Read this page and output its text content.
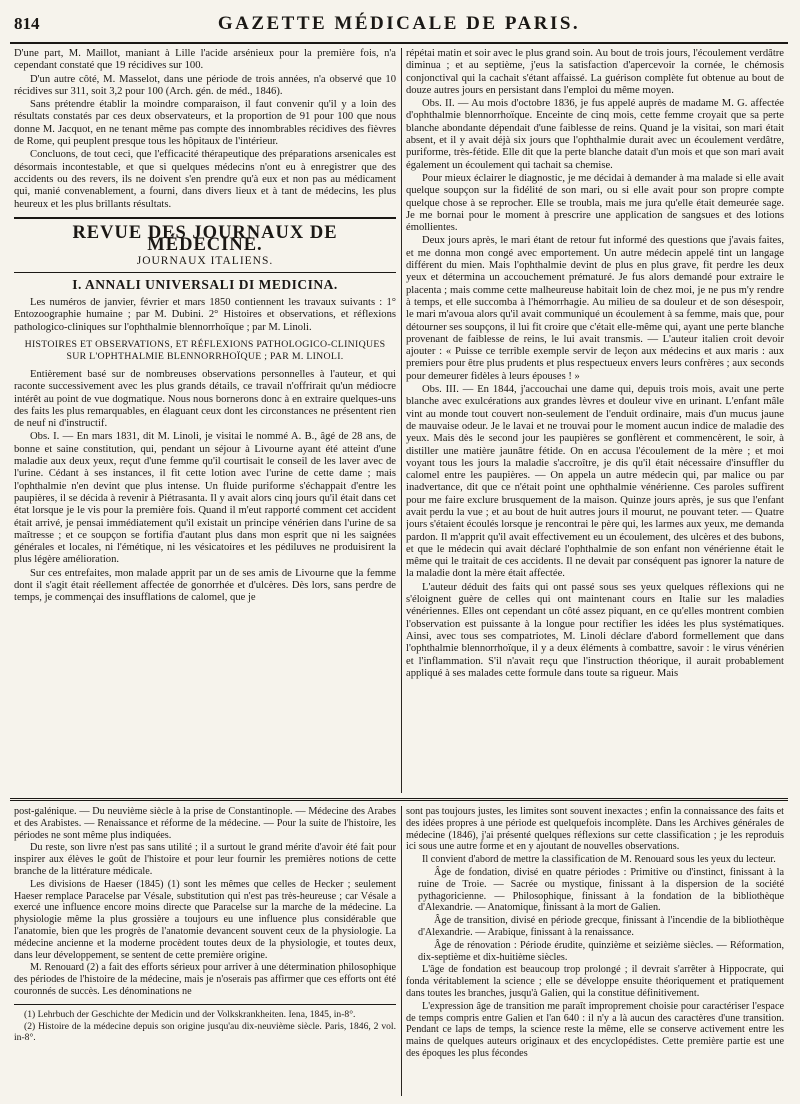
814	GAZETTE MÉDICALE DE PARIS.

D'une part, M. Maillot, maniant à Lille l'acide arsénieux pour la première fois, n'a cependant constaté que 19 récidives sur 100.

D'un autre côté, M. Masselot, dans une période de trois années, n'a observé que 10 récidives sur 311, soit 3,2 pour 100 (Arch. gén. de méd., 1846).

Sans prétendre établir la moindre comparaison, il faut convenir qu'il y a loin des résultats constatés par ces deux observateurs, et la proportion de 91 pour 100 que nous donne M. Jacquot, en ne tenant même pas compte des innombrables récidives des fièvres de Rome, qui peuplent presque tous les hôpitaux de l'intérieur.

Concluons, de tout ceci, que l'efficacité thérapeutique des préparations arsenicales est désormais incontestable, et que si quelques médecins n'ont eu à enregistrer que des accidents ou des revers, ils ne doivent s'en prendre qu'à eux et non pas au médicament qui, manié convenablement, a fourni, dans divers lieux et à tant de médecins, les plus heureux et les plus brillants résultats.

REVUE DES JOURNAUX DE MÉDECINE.
JOURNAUX ITALIENS.
I. ANNALI UNIVERSALI DI MEDICINA.

Les numéros de janvier, février et mars 1850 contiennent les travaux suivants : 1° Entozoographie humaine ; par M. Dubini. 2° Histoires et observations, et réflexions pathologico-cliniques sur l'ophthalmie blennorrhoïque ; par M. Linoli.

HISTOIRES ET OBSERVATIONS, ET RÉFLEXIONS PATHOLOGICO-CLINIQUES SUR L'OPHTHALMIE BLENNORRHOÏQUE ; PAR M. LINOLI.

Entièrement basé sur de nombreuses observations personnelles à l'auteur, et qui raconte successivement avec les plus grands détails, ce travail n'offrirait qu'un médiocre intérêt au point de vue dogmatique. Nous nous bornerons donc à en extraire quelques-uns des faits les plus remarquables, en élaguant ceux dont les circonstances ne présentent rien de neuf ni d'instructif.

Obs. I. — En mars 1831, dit M. Linoli, je visitai le nommé A. B., âgé de 28 ans, de bonne et saine constitution, qui, pendant un séjour à Livourne ayant été atteint d'une maladie aux deux yeux, reçut d'une femme qu'il courtisait le conseil de les laver avec de l'urine. Cédant à ses instances, il fit cette lotion avec l'urine de cette dame ; mais l'ophthalmie n'en devint que plus intense. Un fluide puriforme s'échappait d'entre les paupières, il se décida à revenir à Piétrasanta. Il y avait alors cinq jours qu'il était dans cet état lorsque je le vis pour la première fois. Quand il m'eut rapporté comment cet accident était arrivé, je pensai immédiatement qu'il existait un principe vénérien dans l'urine de sa maîtresse ; et ce soupçon se fortifia d'autant plus dans mon esprit que ni les saignées générales et locales, ni l'émétique, ni les vésicatoires et les pédiluves ne produisirent la plus légère amélioration.

Sur ces entrefaites, mon malade apprit par un de ses amis de Livourne que la femme dont il s'agit était réellement affectée de gonorrhée et d'ulcères. Dès lors, sans perdre de temps, je commençai des insufflations de calomel, que je

répétai matin et soir avec le plus grand soin. Au bout de trois jours, l'écoulement verdâtre diminua ; et au septième, j'eus la satisfaction d'apercevoir la cornée, le chémosis conjonctival qui la cachait s'étant affaissé. La guérison complète fut obtenue au bout de douze autres jours en persistant dans l'emploi du même moyen.

Obs. II. — Au mois d'octobre 1836, je fus appelé auprès de madame M. G. affectée d'ophthalmie blennorrhoïque. Enceinte de cinq mois, cette femme croyait que sa perte blanche abondante dépendait d'une faiblesse de reins. Quand je la visitai, son mari était absent, et il y avait déjà six jours que l'ophthalmie durait avec un écoulement verdâtre, puriforme, très-fétide. Elle dit que la perte blanche datait d'un mois et que son mari avait également un écoulement qui tachait sa chemise.

Pour mieux éclairer le diagnostic, je me décidai à demander à ma malade si elle avait quelque soupçon sur la fidélité de son mari, ou si elle avait pour son propre compte quelque chose à se reprocher. Elle se troubla, mais me jura qu'elle était demeurée sage. Je me bornai pour le moment à prescrire une application de sangsues et des lotions émollientes.

Deux jours après, le mari étant de retour fut informé des questions que j'avais faites, et me donna mon congé avec emportement. Un autre médecin appelé tint un langage différent du mien. Mais l'ophthalmie devint de plus en plus grave, fit perdre les deux yeux et détermina un accouchement prématuré. Je fus alors demandé pour extraire le placenta ; mais comme cette malheureuse habitait loin de chez moi, je ne pus m'y rendre à temps, et elle succomba à l'hémorrhagie. Au milieu de sa douleur et de son désespoir, le mari m'avoua alors qu'il avait communiqué un écoulement à sa femme, mais que, pour détourner ses soupçons, il lui fit croire que c'était elle-même qui, ayant une perte blanche provenant de faiblesse de reins, le lui avait transmis. — L'auteur italien croit devoir ajouter : « Puisse ce terrible exemple servir de leçon aux médecins et aux maris : aux premiers pour être plus prudents et plus respectueux envers leurs confrères ; aux seconds pour demeurer fidèles à leurs épouses ! »

Obs. III. — En 1844, j'accouchai une dame qui, depuis trois mois, avait une perte blanche avec exulcérations aux grandes lèvres et douleur vive en urinant. L'enfant mâle vint au monde tout couvert non-seulement de l'enduit ordinaire, mais d'un mucus jaune de mauvaise odeur. Je le lavai et ne trouvai pour le moment aucun indice de maladie des yeux. Mais dès le second jour les paupières se gonflèrent et commencèrent, le soir, à distiller une matière jaunâtre fétide. On en accusa l'écoulement de la mère ; et moi voyant tous les jours la maladie s'accroître, je dis qu'il était nécessaire d'insuffler du calomel entre les paupières. — On appela un autre médecin qui, par malice ou par inadvertance, dit que ce n'était point une ophthalmie vénérienne. Ces paroles suffirent pour me faire exclure brusquement de la maison. Quinze jours après, je sus que l'enfant avait perdu la vue ; et au bout de huit autres jours il mourut, ne pouvant teter. — Quatre jours s'étaient écoulés lorsque je rencontrai le père qui, les larmes aux yeux, me demanda pardon. Il m'apprit qu'il avait effectivement eu un écoulement, des ulcères et des bubons, et que le médecin qui avait déclaré l'ophthalmie de son enfant non vénérienne était le même qui le traitait de ces accidents. Il ne devait par conséquent pas ignorer la nature de la maladie dont la mère était affectée.

L'auteur déduit des faits qui ont passé sous ses yeux quelques réflexions qui ne s'éloignent guère de celles qui ont maintenant cours en Italie sur les maladies vénériennes. Elles ont cependant un côté assez piquant, en ce qu'elles montrent combien l'observation est puissante à la longue pour rectifier les idées les plus systématiques. Ainsi, avec tous ses compatriotes, M. Linoli déclare d'abord formellement que dans l'ophthalmie blennorrhoïque, il y a deux éléments à combattre, savoir : le virus vénérien et l'inflammation. S'il n'avait reçu que l'instruction théorique, il aurait probablement appliqué à ses malades cette formule dans toute sa rigueur. Mais

post-galénique. — Du neuvième siècle à la prise de Constantinople. — Médecine des Arabes et des Arabistes. — Renaissance et réforme de la médecine. — Pour la suite de l'histoire, les périodes ne sont même plus indiquées.

Du reste, son livre n'est pas sans utilité ; il a surtout le grand mérite d'avoir été fait pour inspirer aux élèves le goût de l'histoire et pour leur fournir les premières notions de cette branche de la littérature médicale.

Les divisions de Haeser (1845) (1) sont les mêmes que celles de Hecker ; seulement Haeser remplace Paracelse par Vésale, substitution qui n'est pas très-heureuse ; car Vésale a exercé une influence encore moins directe que Paracelse sur la marche de la médecine. La physiologie même la plus grossière a toujours eu une influence plus considérable que l'anatomie, bien que les progrès de l'anatomie devancent souvent ceux de la physiologie. La médecine ancienne et la moderne procèdent toutes deux de la physiologie, et toutes deux, dans leur développement, se sentent de cette première origine.

M. Renouard (2) a fait des efforts sérieux pour arriver à une détermination philosophique des périodes de l'histoire de la médecine, mais je n'oserais pas affirmer que ces efforts ont été couronnés de succès. Les dénominations ne

(1) Lehrbuch der Geschichte der Medicin und der Volkskrankheiten. Iena, 1845, in-8°.

(2) Histoire de la médecine depuis son origine jusqu'au dix-neuvième siècle. Paris, 1846, 2 vol. in-8°.

sont pas toujours justes, les limites sont souvent inexactes ; enfin la connaissance des faits et des idées propres à une période est quelquefois incomplète. Dans les Archives générales de médecine (1846), j'ai présenté quelques réflexions sur cette classification ; je les reproduis ici sous une autre forme et en y ajoutant de nouvelles observations.

Il convient d'abord de mettre la classification de M. Renouard sous les yeux du lecteur.

Âge de fondation, divisé en quatre périodes : Primitive ou d'instinct, finissant à la ruine de Troie. — Sacrée ou mystique, finissant à la dispersion de la société pythagoricienne. — Philosophique, finissant à la fondation de la bibliothèque d'Alexandrie. — Anatomique, finissant à la mort de Galien.

Âge de transition, divisé en période grecque, finissant à l'incendie de la bibliothèque d'Alexandrie. — Arabique, finissant à la renaissance.

Âge de rénovation : Période érudite, quinzième et seizième siècles. — Réformation, dix-septième et dix-huitième siècles.

L'âge de fondation est beaucoup trop prolongé ; il devrait s'arrêter à Hippocrate, qui fonda véritablement la science ; elle se développe ensuite théoriquement et pratiquement dans toutes les branches, jusqu'à Galien, qui la constitue définitivement.

L'expression âge de transition me paraît improprement choisie pour caractériser l'espace de temps compris entre Galien et l'an 640 : il n'y a là aucun des caractères d'une transition. Pendant ce laps de temps, la science reste la même, elle se conserve activement entre les mains de quelques auteurs originaux et des encyclopédistes. Cette première partie est une des époques les plus fécondes
